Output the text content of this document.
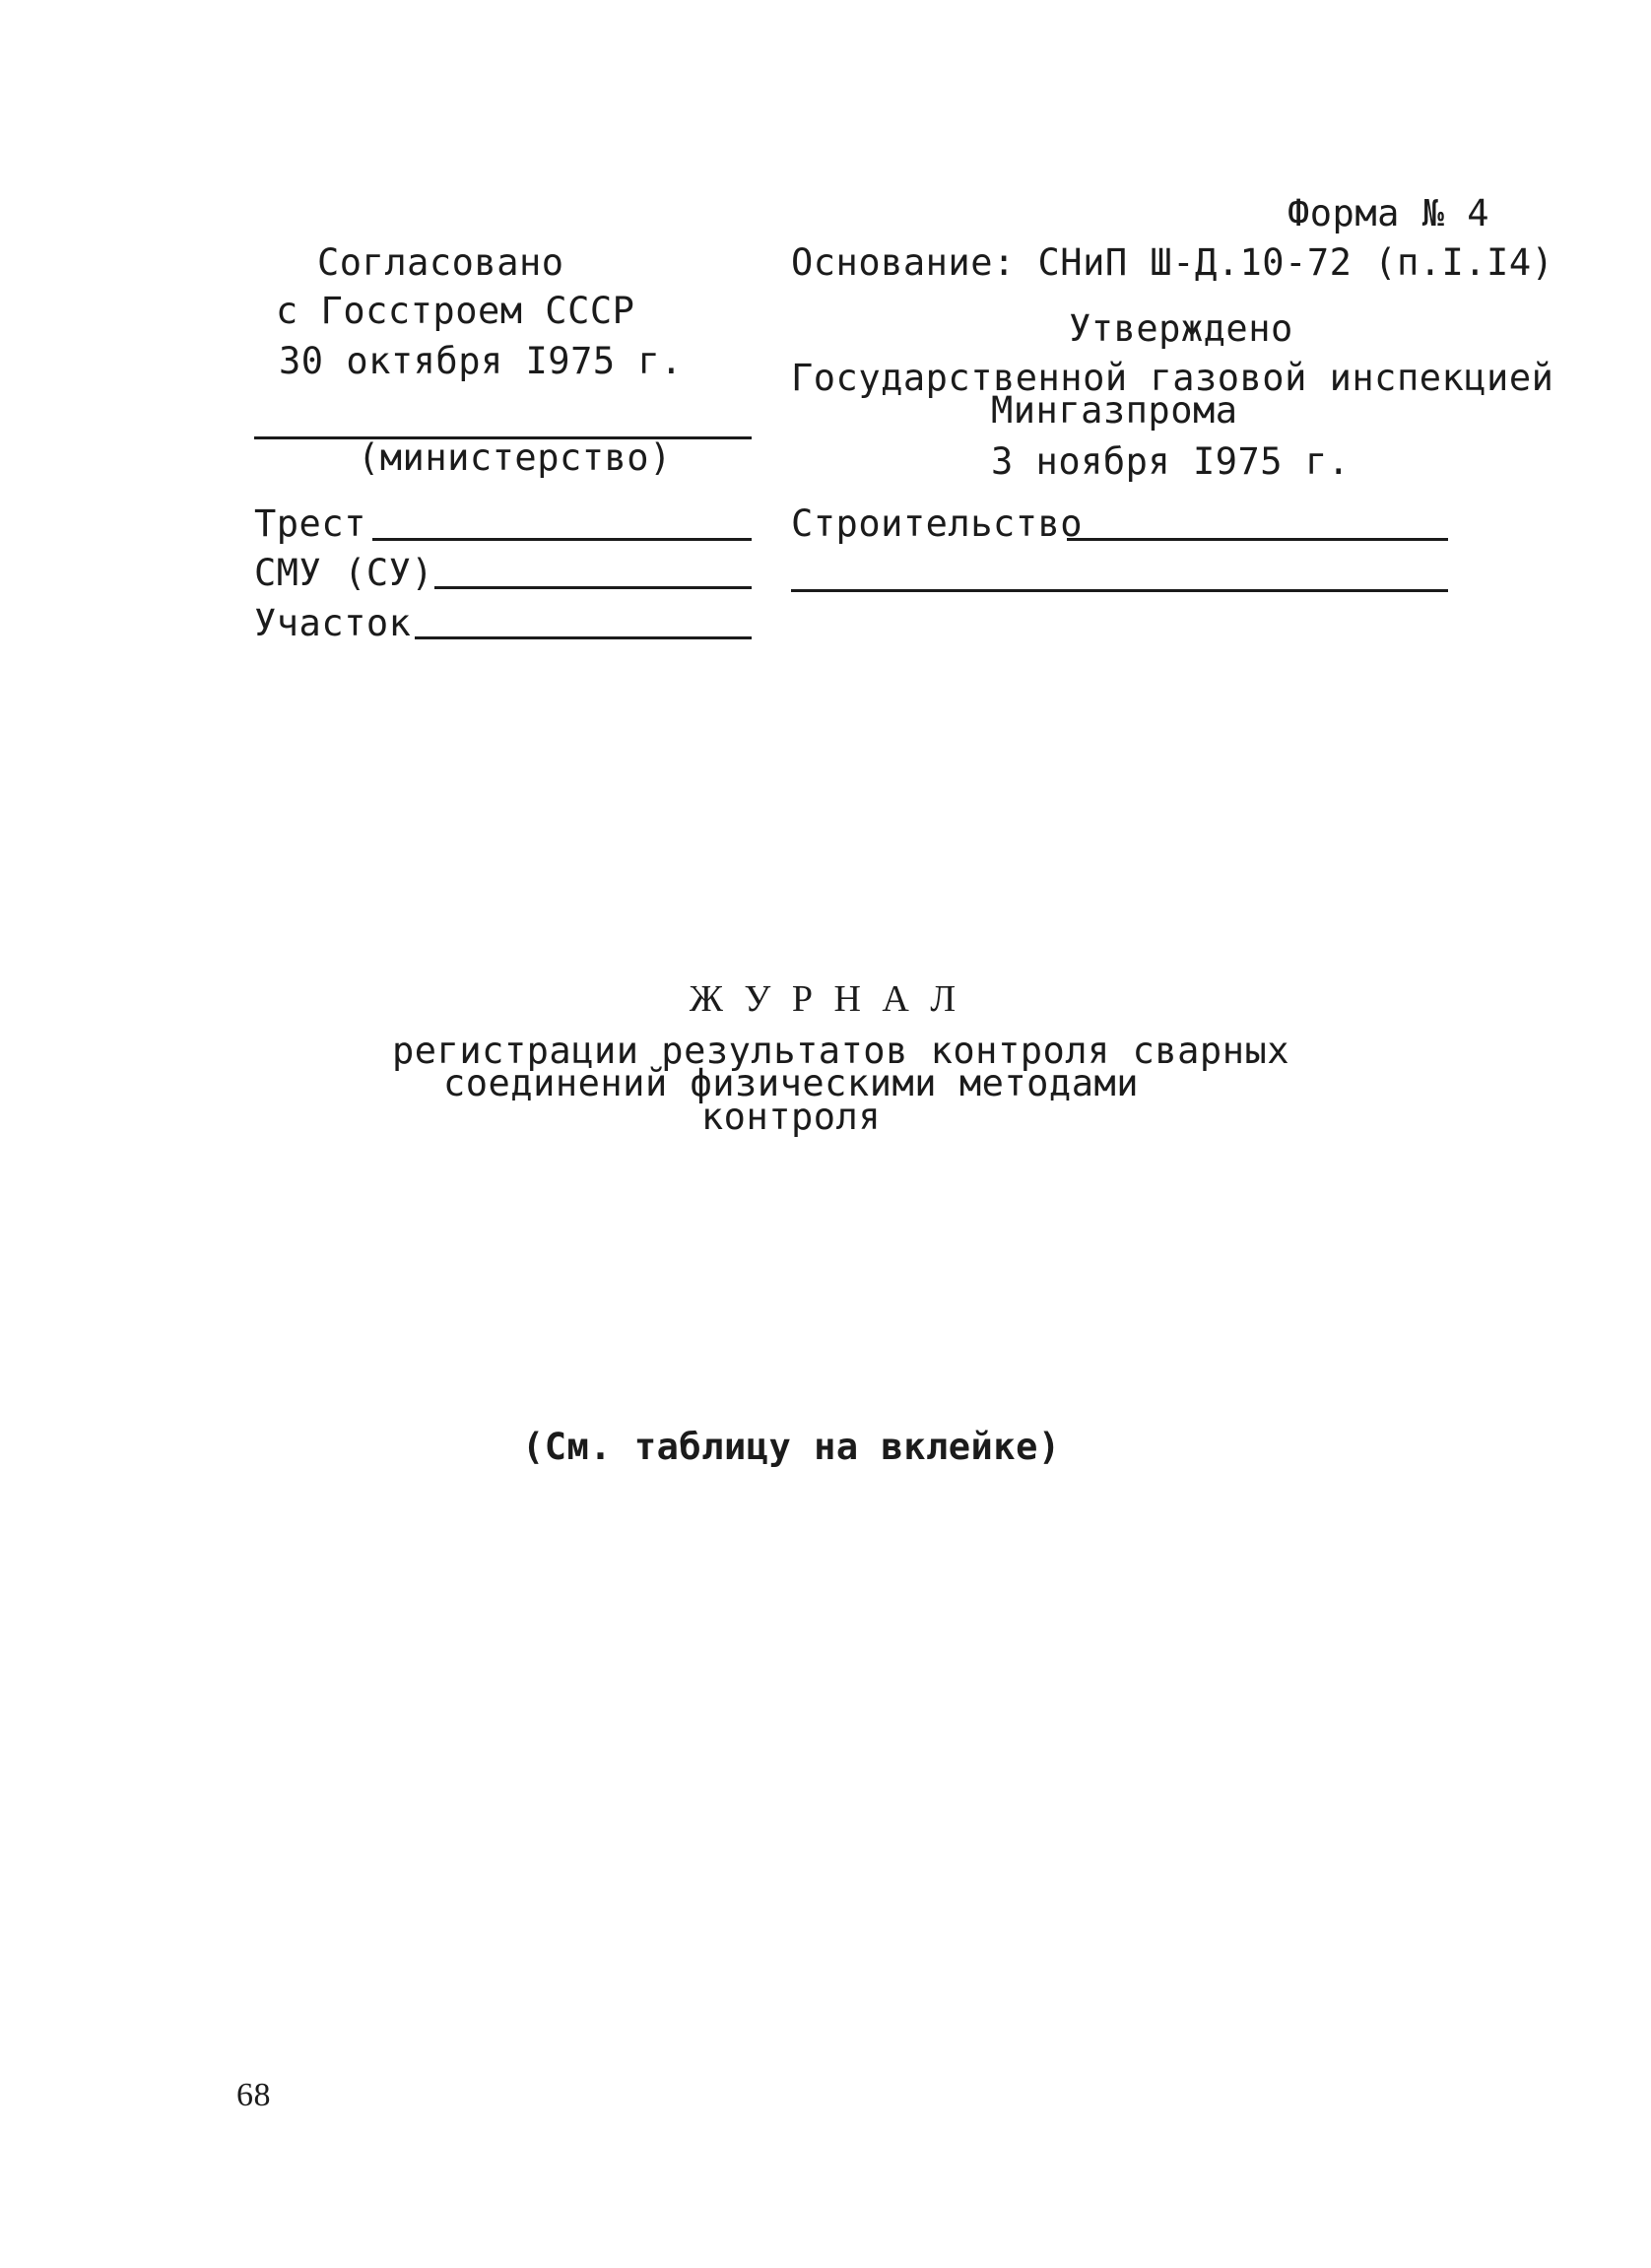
Форма № 4
Согласовано
с Госстроем СССР
30 октября I975 г.
Основание: СНиП Ш-Д.10-72 (п.I.I4)
Утверждено
Государственной газовой инспекцией
Мингазпрома
3 ноября I975 г.
(министерство)
Трест
СМУ (СУ)
Участок
Строительство
Ж У Р Н А Л
регистрации результатов контроля сварных
соединений физическими методами
контроля
(См. таблицу на вклейке)
68
